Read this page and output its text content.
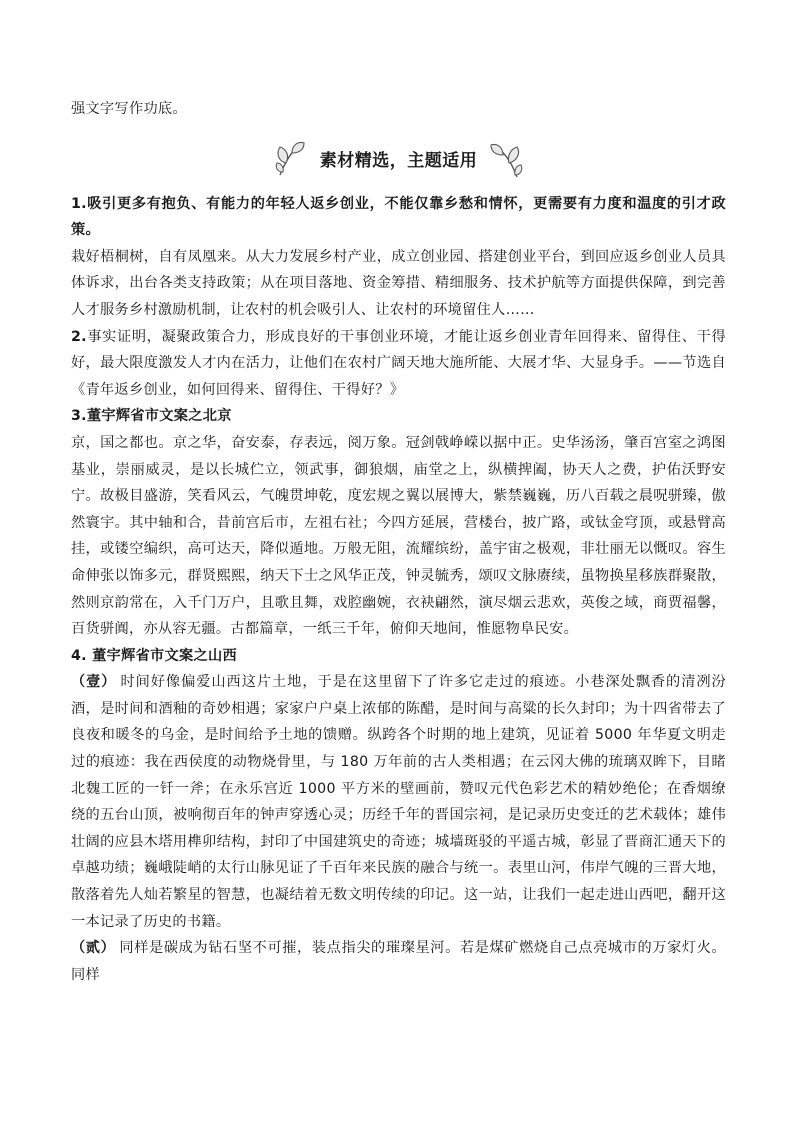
强文字写作功底。

素材精选，主题适用

1.吸引更多有抱负、有能力的年轻人返乡创业，不能仅靠乡愁和情怀，更需要有力度和温度的引才政策。

栽好梧桐树，自有凤凰来。从大力发展乡村产业，成立创业园、搭建创业平台，到回应返乡创业人员具体诉求，出台各类支持政策；从在项目落地、资金筹措、精细服务、技术护航等方面提供保障，到完善人才服务乡村激励机制，让农村的机会吸引人、让农村的环境留住人……

2.事实证明，凝聚政策合力，形成良好的干事创业环境，才能让返乡创业青年回得来、留得住、干得好，最大限度激发人才内在活力，让他们在农村广阔天地大施所能、大展才华、大显身手。——节选自《青年返乡创业，如何回得来、留得住、干得好？》

3.董宇辉省市文案之北京

京，国之都也。京之华，奋安泰，存表远，阅万象。冠剑戟峥嵘以据中正。史华汤汤，肇百宫室之鸿图基业，崇丽威灵，是以长城伫立，领武事，御狼烟，庙堂之上，纵横捭阖，协天人之费，护佑沃野安宁。故极目盛游，笑看风云，气魄贯坤乾，度宏规之翼以展博大，紫禁巍巍，历八百载之晨呪骈臻，傲然寰宇。其中轴和合，昔前宫后市，左祖右社；今四方延展，营楼台，披广路，或钛金穹顶，或悬臂高挂，或镂空编织，高可达天，降似遁地。万般无阻，流耀缤纷，盖宇宙之极观，非壮丽无以慨叹。容生命伸张以饰多元，群贤熙熙，纳天下士之风华正茂，钟灵毓秀，颂叹文脉赓续，虽物换星移族群聚散，然则京韵常在，入千门万户，且歌且舞，戏腔幽婉，衣袂翩然，演尽烟云悲欢，英俊之域，商贾福馨，百货骈阗，亦从容无疆。古都篇章，一纸三千年，俯仰天地间，惟愿物阜民安。

4. 董宇辉省市文案之山西

（壹） 时间好像偏爱山西这片土地，于是在这里留下了许多它走过的痕迹。小巷深处飘香的清冽汾酒，是时间和酒釉的奇妙相遇；家家户户桌上浓郁的陈醋，是时间与高粱的长久封印；为十四省带去了良夜和暖冬的乌金，是时间给予土地的馈赠。纵跨各个时期的地上建筑，见证着 5000 年华夏文明走过的痕迹：我在西侯度的动物烧骨里，与 180 万年前的古人类相遇；在云冈大佛的琉璃双眸下，目睹北魏工匠的一钎一斧；在永乐宫近 1000 平方米的壁画前，赞叹元代色彩艺术的精妙绝伦；在香烟缭绕的五台山顶，被响彻百年的钟声穿透心灵；历经千年的晋国宗祠，是记录历史变迁的艺术载体；雄伟壮阔的应县木塔用榫卯结构，封印了中国建筑史的奇迹；城墙斑驳的平遥古城，彰显了晋商汇通天下的卓越功绩；巍峨陡峭的太行山脉见证了千百年来民族的融合与统一。表里山河，伟岸气魄的三晋大地，散落着先人灿若繁星的智慧，也凝结着无数文明传续的印记。这一站，让我们一起走进山西吧，翻开这一本记录了历史的书籍。

（贰） 同样是碳成为钻石坚不可摧，装点指尖的璀璨星河。若是煤矿燃烧自己点亮城市的万家灯火。同样
